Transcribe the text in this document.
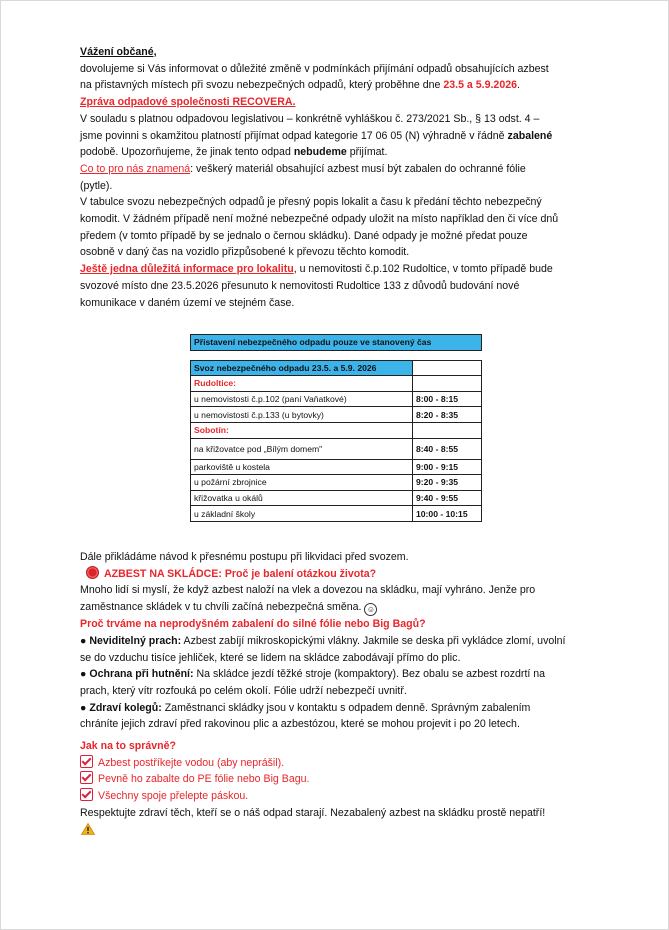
Vážení občané,
dovolujeme si Vás informovat o důležité změně v podmínkách přijímání odpadů obsahujících azbest
na přistavných místech při svozu nebezpečných odpadů, který proběhne dne 23.5 a 5.9.2026.
Zpráva odpadové společnosti RECOVERA.
V souladu s platnou odpadovou legislativou – konkrétně vyhláškou č. 273/2021 Sb., § 13 odst. 4 –
jsme povinni s okamžitou platností přijímat odpad kategorie 17 06 05 (N) výhradně v řádně zabalené
podobě. Upozorňujeme, že jinak tento odpad nebudeme přijímat.
Co to pro nás znamená: veškerý materiál obsahující azbest musí být zabalen do ochranné fólie
(pytle).
V tabulce svozu nebezpečných odpadů je přesný popis lokalit a času k předání těchto nebezpečný
komodit. V žádném případě není možné nebezpečné odpady uložit na místo například den či více dnů
předem (v tomto případě by se jednalo o černou skládku). Dané odpady je možné předat pouze
osobně v daný čas na vozidlo přizpůsobené k převozu těchto komodit.
Ještě jedna důležitá informace pro lokalitu, u nemovitosti č.p.102 Rudoltice, v tomto případě bude
svozové místo dne 23.5.2026 přesunuto k nemovitosti Rudoltice 133 z důvodů budování nové
komunikace v daném území ve stejném čase.
Přistavení nebezpečného odpadu pouze ve stanovený čas	

Svoz nebezpečného odpadu 23.5. a 5.9. 2026	
Rudoltice:	
u nemovistosti č.p.102 (paní Vaňatkové)	8:00 - 8:15
u nemovistosti č.p.133 (u bytovky)	8:20 - 8:35
Sobotín:	
na křižovatce pod „Bílým domem"	8:40 - 8:55
parkoviště u kostela	9:00 - 9:15
u požární zbrojnice	9:20 - 9:35
křižovatka u okálů	9:40 - 9:55
u základní školy	10:00 - 10:15
Dále přikládáme návod k přesnému postupu při likvidaci před svozem.
AZBEST NA SKLÁDCE: Proč je balení otázkou života?
Mnoho lidí si myslí, že když azbest naloží na vlek a dovezou na skládku, mají vyhráno. Jenže pro
zaměstnance skládek v tu chvíli začíná nebezpečná směna. ☺
Proč trváme na neprodyšném zabalení do silné fólie nebo Big Bagů?
● Neviditelný prach: Azbest zabíjí mikroskopickými vlákny. Jakmile se deska při vykládce zlomí, uvolní
se do vzduchu tisíce jehliček, které se lidem na skládce zabodávají přímo do plic.
● Ochrana při hutnění: Na skládce jezdí těžké stroje (kompaktory). Bez obalu se azbest rozdrtí na
prach, který vítr rozfouká po celém okolí. Fólie udrží nebezpečí uvnitř.
● Zdraví kolegů: Zaměstnanci skládky jsou v kontaktu s odpadem denně. Správným zabalením
chráníte jejich zdraví před rakovinou plic a azbestózou, které se mohou projevit i po 20 letech.
Jak na to správně?
Azbest postříkejte vodou (aby neprášil).
Pevně ho zabalte do PE fólie nebo Big Bagu.
Všechny spoje přelepte páskou.
Respektujte zdraví těch, kteří se o náš odpad starají. Nezabalený azbest na skládku prostě nepatří!
